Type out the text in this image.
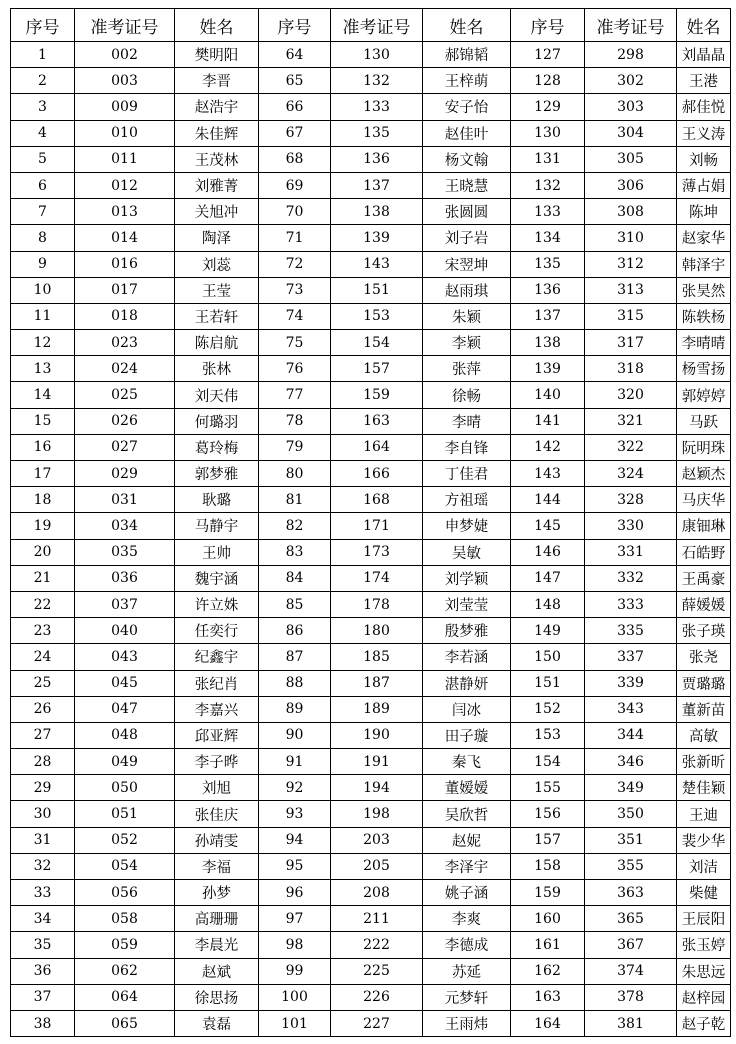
序号	准考证号	姓名	序号	准考证号	姓名	序号	准考证号	姓名
1	002	樊明阳	64	130	郝锦韬	127	298	刘晶晶
2	003	李晋	65	132	王梓萌	128	302	王港
3	009	赵浩宇	66	133	安子怡	129	303	郝佳悦
4	010	朱佳辉	67	135	赵佳叶	130	304	王义涛
5	011	王茂林	68	136	杨文翰	131	305	刘畅
6	012	刘雅菁	69	137	王晓慧	132	306	薄占娟
7	013	关旭冲	70	138	张圆圆	133	308	陈坤
8	014	陶泽	71	139	刘子岩	134	310	赵家华
9	016	刘蕊	72	143	宋翌坤	135	312	韩泽宇
10	017	王莹	73	151	赵雨琪	136	313	张昊然
11	018	王若轩	74	153	朱颖	137	315	陈轶杨
12	023	陈启航	75	154	李颖	138	317	李晴晴
13	024	张林	76	157	张萍	139	318	杨雪扬
14	025	刘天伟	77	159	徐畅	140	320	郭婷婷
15	026	何璐羽	78	163	李晴	141	321	马跃
16	027	葛玲梅	79	164	李自锋	142	322	阮明珠
17	029	郭梦雅	80	166	丁佳君	143	324	赵颖杰
18	031	耿璐	81	168	方祖瑶	144	328	马庆华
19	034	马静宇	82	171	申梦婕	145	330	康钿琳
20	035	王帅	83	173	吴敏	146	331	石皓野
21	036	魏宇涵	84	174	刘学颖	147	332	王禹豪
22	037	许立姝	85	178	刘莹莹	148	333	薛媛媛
23	040	任奕行	86	180	殷梦雅	149	335	张子瑛
24	043	纪鑫宇	87	185	李若涵	150	337	张尧
25	045	张纪肖	88	187	湛静妍	151	339	贾璐璐
26	047	李嘉兴	89	189	闫冰	152	343	董新苗
27	048	邱亚辉	90	190	田子璇	153	344	高敏
28	049	李子晔	91	191	秦飞	154	346	张新昕
29	050	刘旭	92	194	董嫒嫒	155	349	楚佳颖
30	051	张佳庆	93	198	吴欣哲	156	350	王迪
31	052	孙靖雯	94	203	赵妮	157	351	裴少华
32	054	李福	95	205	李泽宇	158	355	刘洁
33	056	孙梦	96	208	姚子涵	159	363	柴健
34	058	高珊珊	97	211	李爽	160	365	王辰阳
35	059	李晨光	98	222	李德成	161	367	张玉婷
36	062	赵斌	99	225	苏延	162	374	朱思远
37	064	徐思扬	100	226	元梦轩	163	378	赵梓园
38	065	袁磊	101	227	王雨炜	164	381	赵子乾
